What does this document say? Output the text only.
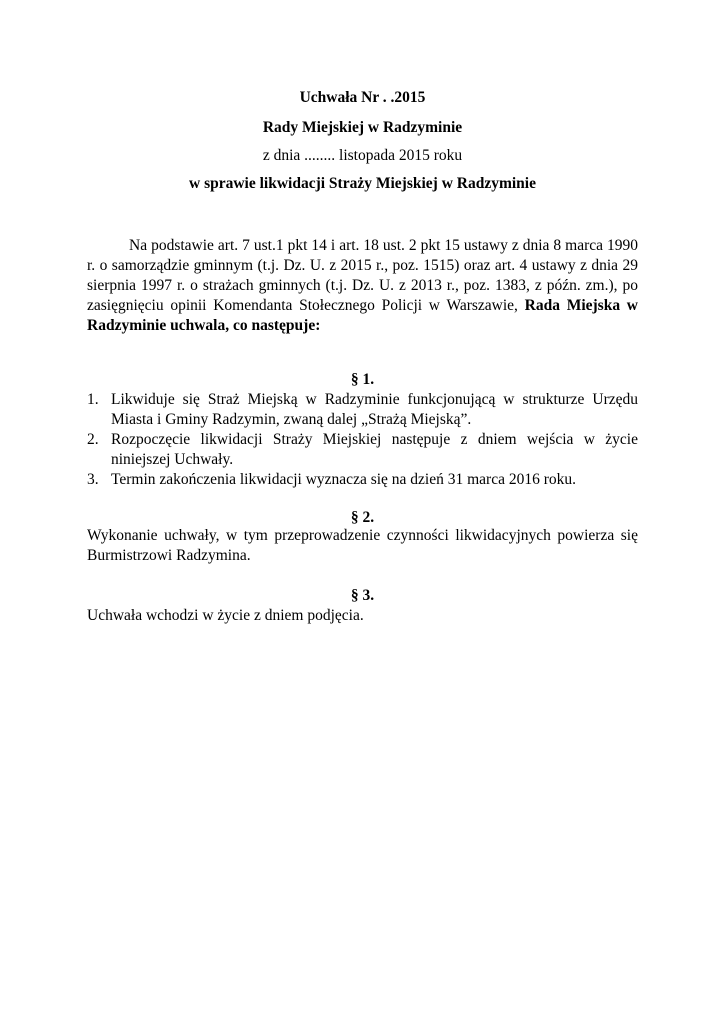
Uchwała Nr . .2015
Rady Miejskiej w Radzyminie
z dnia ........ listopada 2015 roku
w sprawie likwidacji Straży Miejskiej w Radzyminie

Na podstawie art. 7 ust.1 pkt 14 i art. 18 ust. 2 pkt 15 ustawy z dnia 8 marca 1990 r. o samorządzie gminnym (t.j. Dz. U. z 2015 r., poz. 1515) oraz art. 4 ustawy z dnia 29 sierpnia 1997 r. o strażach gminnych (t.j. Dz. U. z 2013 r., poz. 1383, z późn. zm.), po zasięgnięciu opinii Komendanta Stołecznego Policji w Warszawie, Rada Miejska w Radzyminie uchwala, co następuje:

§ 1.
1. Likwiduje się Straż Miejską w Radzyminie funkcjonującą w strukturze Urzędu Miasta i Gminy Radzymin, zwaną dalej „Strażą Miejską”.
2. Rozpoczęcie likwidacji Straży Miejskiej następuje z dniem wejścia w życie niniejszej Uchwały.
3. Termin zakończenia likwidacji wyznacza się na dzień 31 marca 2016 roku.
§ 2.
Wykonanie uchwały, w tym przeprowadzenie czynności likwidacyjnych powierza się Burmistrzowi Radzymina.
§ 3.
Uchwała wchodzi w życie z dniem podjęcia.
